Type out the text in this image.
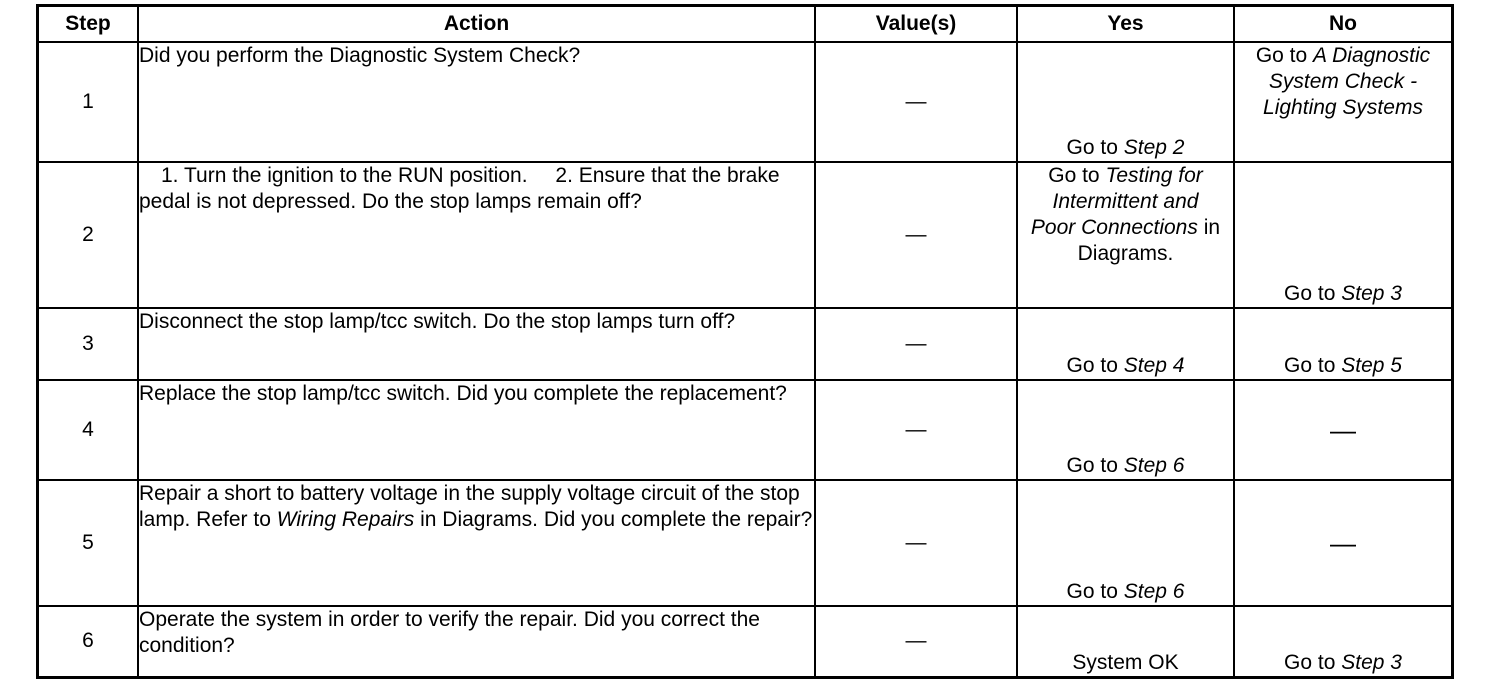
Step	Action	Value(s)	Yes	No
1	Did you perform the Diagnostic System Check?	—	Go to Step 2	Go to A Diagnostic System Check - Lighting Systems
2	1. Turn the ignition to the RUN position. 2. Ensure that the brake pedal is not depressed. Do the stop lamps remain off?	—	Go to Testing for Intermittent and Poor Connections in Diagrams.	Go to Step 3
3	Disconnect the stop lamp/tcc switch. Do the stop lamps turn off?	—	Go to Step 4	Go to Step 5
4	Replace the stop lamp/tcc switch. Did you complete the replacement?	—	Go to Step 6	—
5	Repair a short to battery voltage in the supply voltage circuit of the stop lamp. Refer to Wiring Repairs in Diagrams. Did you complete the repair?	—	Go to Step 6	—
6	Operate the system in order to verify the repair. Did you correct the condition?	—	System OK	Go to Step 3
